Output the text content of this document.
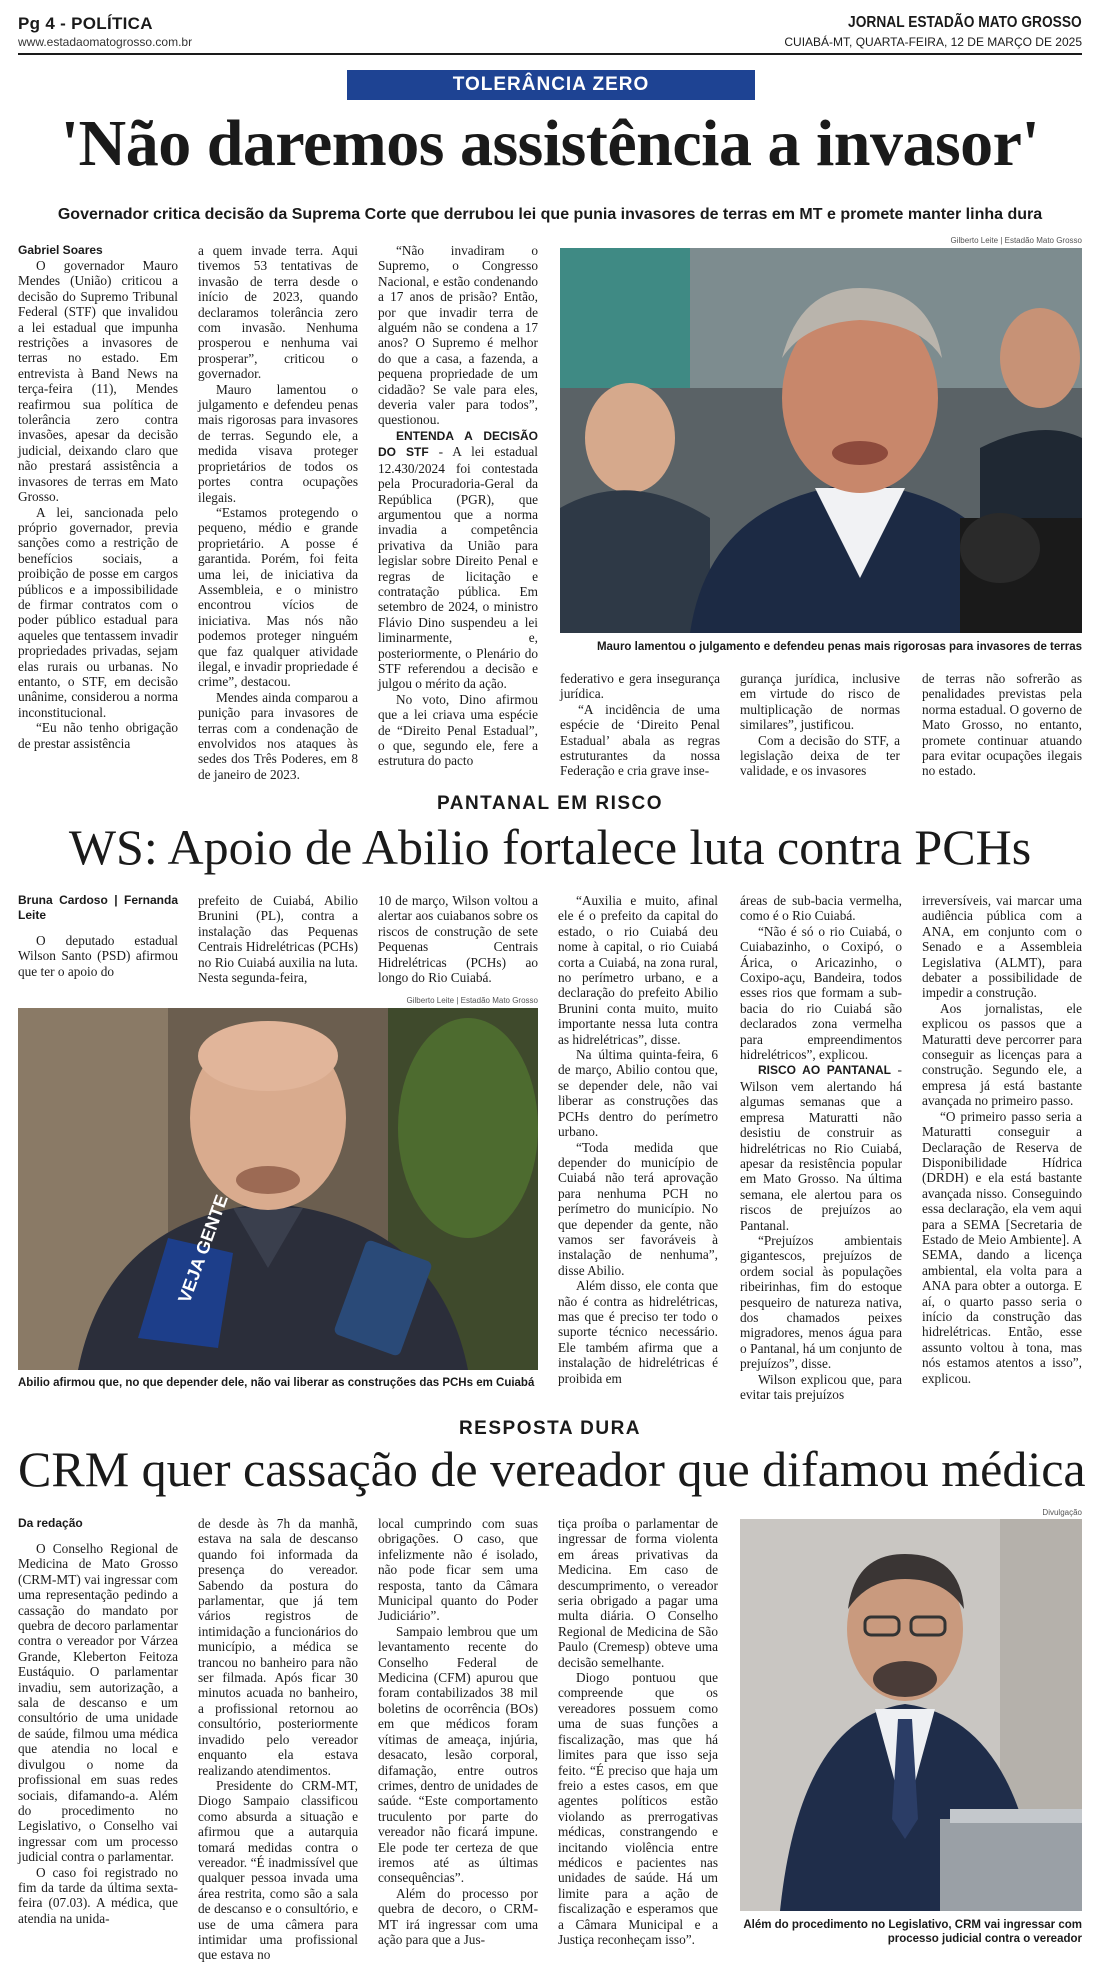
Pg 4 - POLÍTICA
www.estadaomatogrosso.com.br
JORNAL ESTADÃO MATO GROSSO
CUIABÁ-MT, QUARTA-FEIRA, 12 DE MARÇO DE 2025
TOLERÂNCIA ZERO
'Não daremos assistência a invasor'
Governador critica decisão da Suprema Corte que derrubou lei que punia invasores de terras em MT e promete manter linha dura

Gabriel Soares

O governador Mauro Mendes (União) criticou a decisão do Supremo Tribunal Federal (STF) que invalidou a lei estadual que impunha restrições a invasores de terras no estado. Em entrevista à Band News na terça-feira (11), Mendes reafirmou sua política de tolerância zero contra invasões, apesar da decisão judicial, deixando claro que não prestará assistência a invasores de terras em Mato Grosso.

A lei, sancionada pelo próprio governador, previa sanções como a restrição de benefícios sociais, a proibição de posse em cargos públicos e a impossibilidade de firmar contratos com o poder público estadual para aqueles que tentassem invadir propriedades privadas, sejam elas rurais ou urbanas. No entanto, o STF, em decisão unânime, considerou a norma inconstitucional.

“Eu não tenho obrigação de prestar assistência

a quem invade terra. Aqui tivemos 53 tentativas de invasão de terra desde o início de 2023, quando declaramos tolerância zero com invasão. Nenhuma prosperou e nenhuma vai prosperar”, criticou o governador.

Mauro lamentou o julgamento e defendeu penas mais rigorosas para invasores de terras. Segundo ele, a medida visava proteger proprietários de todos os portes contra ocupações ilegais.

“Estamos protegendo o pequeno, médio e grande proprietário. A posse é garantida. Porém, foi feita uma lei, de iniciativa da Assembleia, e o ministro encontrou vícios de iniciativa. Mas nós não podemos proteger ninguém que faz qualquer atividade ilegal, e invadir propriedade é crime”, destacou.

Mendes ainda comparou a punição para invasores de terras com a condenação de envolvidos nos ataques às sedes dos Três Poderes, em 8 de janeiro de 2023.

“Não invadiram o Supremo, o Congresso Nacional, e estão condenando a 17 anos de prisão? Então, por que invadir terra de alguém não se condena a 17 anos? O Supremo é melhor do que a casa, a fazenda, a pequena propriedade de um cidadão? Se vale para eles, deveria valer para todos”, questionou.

ENTENDA A DECISÃO DO STF - A lei estadual 12.430/2024 foi contestada pela Procuradoria-Geral da República (PGR), que argumentou que a norma invadia a competência privativa da União para legislar sobre Direito Penal e regras de licitação e contratação pública. Em setembro de 2024, o ministro Flávio Dino suspendeu a lei liminarmente, e, posteriormente, o Plenário do STF referendou a decisão e julgou o mérito da ação.

No voto, Dino afirmou que a lei criava uma espécie de “Direito Penal Estadual”, o que, segundo ele, fere a estrutura do pacto

Gilberto Leite | Estadão Mato Grosso
Mauro lamentou o julgamento e defendeu penas mais rigorosas para invasores de terras

federativo e gera insegurança jurídica.

“A incidência de uma espécie de ‘Direito Penal Estadual’ abala as regras estruturantes da nossa Federação e cria grave inse-

gurança jurídica, inclusive em virtude do risco de multiplicação de normas similares”, justificou.

Com a decisão do STF, a legislação deixa de ter validade, e os invasores

de terras não sofrerão as penalidades previstas pela norma estadual. O governo de Mato Grosso, no entanto, promete continuar atuando para evitar ocupações ilegais no estado.

PANTANAL EM RISCO
WS: Apoio de Abilio fortalece luta contra PCHs

Bruna Cardoso | Fernanda Leite

O deputado estadual Wilson Santo (PSD) afirmou que ter o apoio do

prefeito de Cuiabá, Abilio Brunini (PL), contra a instalação das Pequenas Centrais Hidrelétricas (PCHs) no Rio Cuiabá auxilia na luta. Nesta segunda-feira,

10 de março, Wilson voltou a alertar aos cuiabanos sobre os riscos de construção de sete Pequenas Centrais Hidrelétricas (PCHs) ao longo do Rio Cuiabá.

Gilberto Leite | Estadão Mato Grosso
VEJA GENTE
Abilio afirmou que, no que depender dele, não vai liberar as construções das PCHs em Cuiabá

“Auxilia e muito, afinal ele é o prefeito da capital do estado, o rio Cuiabá deu nome à capital, o rio Cuiabá corta a Cuiabá, na zona rural, no perímetro urbano, e a declaração do prefeito Abilio Brunini conta muito, muito importante nessa luta contra as hidrelétricas”, disse.

Na última quinta-feira, 6 de março, Abilio contou que, se depender dele, não vai liberar as construções das PCHs dentro do perímetro urbano.

“Toda medida que depender do município de Cuiabá não terá aprovação para nenhuma PCH no perímetro do município. No que depender da gente, não vamos ser favoráveis à instalação de nenhuma”, disse Abilio.

Além disso, ele conta que não é contra as hidrelétricas, mas que é preciso ter todo o suporte técnico necessário. Ele também afirma que a instalação de hidrelétricas é proibida em

áreas de sub-bacia vermelha, como é o Rio Cuiabá.

“Não é só o rio Cuiabá, o Cuiabazinho, o Coxipó, o Árica, o Aricazinho, o Coxipo-açu, Bandeira, todos esses rios que formam a sub-bacia do rio Cuiabá são declarados zona vermelha para empreendimentos hidrelétricos”, explicou.

RISCO AO PANTANAL - Wilson vem alertando há algumas semanas que a empresa Maturatti não desistiu de construir as hidrelétricas no Rio Cuiabá, apesar da resistência popular em Mato Grosso. Na última semana, ele alertou para os riscos de prejuízos ao Pantanal.

“Prejuízos ambientais gigantescos, prejuízos de ordem social às populações ribeirinhas, fim do estoque pesqueiro de natureza nativa, dos chamados peixes migradores, menos água para o Pantanal, há um conjunto de prejuízos”, disse.

Wilson explicou que, para evitar tais prejuízos

irreversíveis, vai marcar uma audiência pública com a ANA, em conjunto com o Senado e a Assembleia Legislativa (ALMT), para debater a possibilidade de impedir a construção.

Aos jornalistas, ele explicou os passos que a Maturatti deve percorrer para conseguir as licenças para a construção. Segundo ele, a empresa já está bastante avançada no primeiro passo.

“O primeiro passo seria a Maturatti conseguir a Declaração de Reserva de Disponibilidade Hídrica (DRDH) e ela está bastante avançada nisso. Conseguindo essa declaração, ela vem aqui para a SEMA [Secretaria de Estado de Meio Ambiente]. A SEMA, dando a licença ambiental, ela volta para a ANA para obter a outorga. E aí, o quarto passo seria o início da construção das hidrelétricas. Então, esse assunto voltou à tona, mas nós estamos atentos a isso”, explicou.

RESPOSTA DURA
CRM quer cassação de vereador que difamou médica

Da redação

O Conselho Regional de Medicina de Mato Grosso (CRM-MT) vai ingressar com uma representação pedindo a cassação do mandato por quebra de decoro parlamentar contra o vereador por Várzea Grande, Kleberton Feitoza Eustáquio. O parlamentar invadiu, sem autorização, a sala de descanso e um consultório de uma unidade de saúde, filmou uma médica que atendia no local e divulgou o nome da profissional em suas redes sociais, difamando-a. Além do procedimento no Legislativo, o Conselho vai ingressar com um processo judicial contra o parlamentar.

O caso foi registrado no fim da tarde da última sexta-feira (07.03). A médica, que atendia na unida-

de desde às 7h da manhã, estava na sala de descanso quando foi informada da presença do vereador. Sabendo da postura do parlamentar, que já tem vários registros de intimidação a funcionários do município, a médica se trancou no banheiro para não ser filmada. Após ficar 30 minutos acuada no banheiro, a profissional retornou ao consultório, posteriormente invadido pelo vereador enquanto ela estava realizando atendimentos.

Presidente do CRM-MT, Diogo Sampaio classificou como absurda a situação e afirmou que a autarquia tomará medidas contra o vereador. “É inadmissível que qualquer pessoa invada uma área restrita, como são a sala de descanso e o consultório, e use de uma câmera para intimidar uma profissional que estava no

local cumprindo com suas obrigações. O caso, que infelizmente não é isolado, não pode ficar sem uma resposta, tanto da Câmara Municipal quanto do Poder Judiciário”.

Sampaio lembrou que um levantamento recente do Conselho Federal de Medicina (CFM) apurou que foram contabilizados 38 mil boletins de ocorrência (BOs) em que médicos foram vítimas de ameaça, injúria, desacato, lesão corporal, difamação, entre outros crimes, dentro de unidades de saúde. “Este comportamento truculento por parte do vereador não ficará impune. Ele pode ter certeza de que iremos até as últimas consequências”.

Além do processo por quebra de decoro, o CRM-MT irá ingressar com uma ação para que a Jus-

tiça proíba o parlamentar de ingressar de forma violenta em áreas privativas da Medicina. Em caso de descumprimento, o vereador seria obrigado a pagar uma multa diária. O Conselho Regional de Medicina de São Paulo (Cremesp) obteve uma decisão semelhante.

Diogo pontuou que compreende que os vereadores possuem como uma de suas funções a fiscalização, mas que há limites para que isso seja feito. “É preciso que haja um freio a estes casos, em que agentes políticos estão violando as prerrogativas médicas, constrangendo e incitando violência entre médicos e pacientes nas unidades de saúde. Há um limite para a ação de fiscalização e esperamos que a Câmara Municipal e a Justiça reconheçam isso”.

Divulgação
Além do procedimento no Legislativo, CRM vai ingressar com processo judicial contra o vereador
